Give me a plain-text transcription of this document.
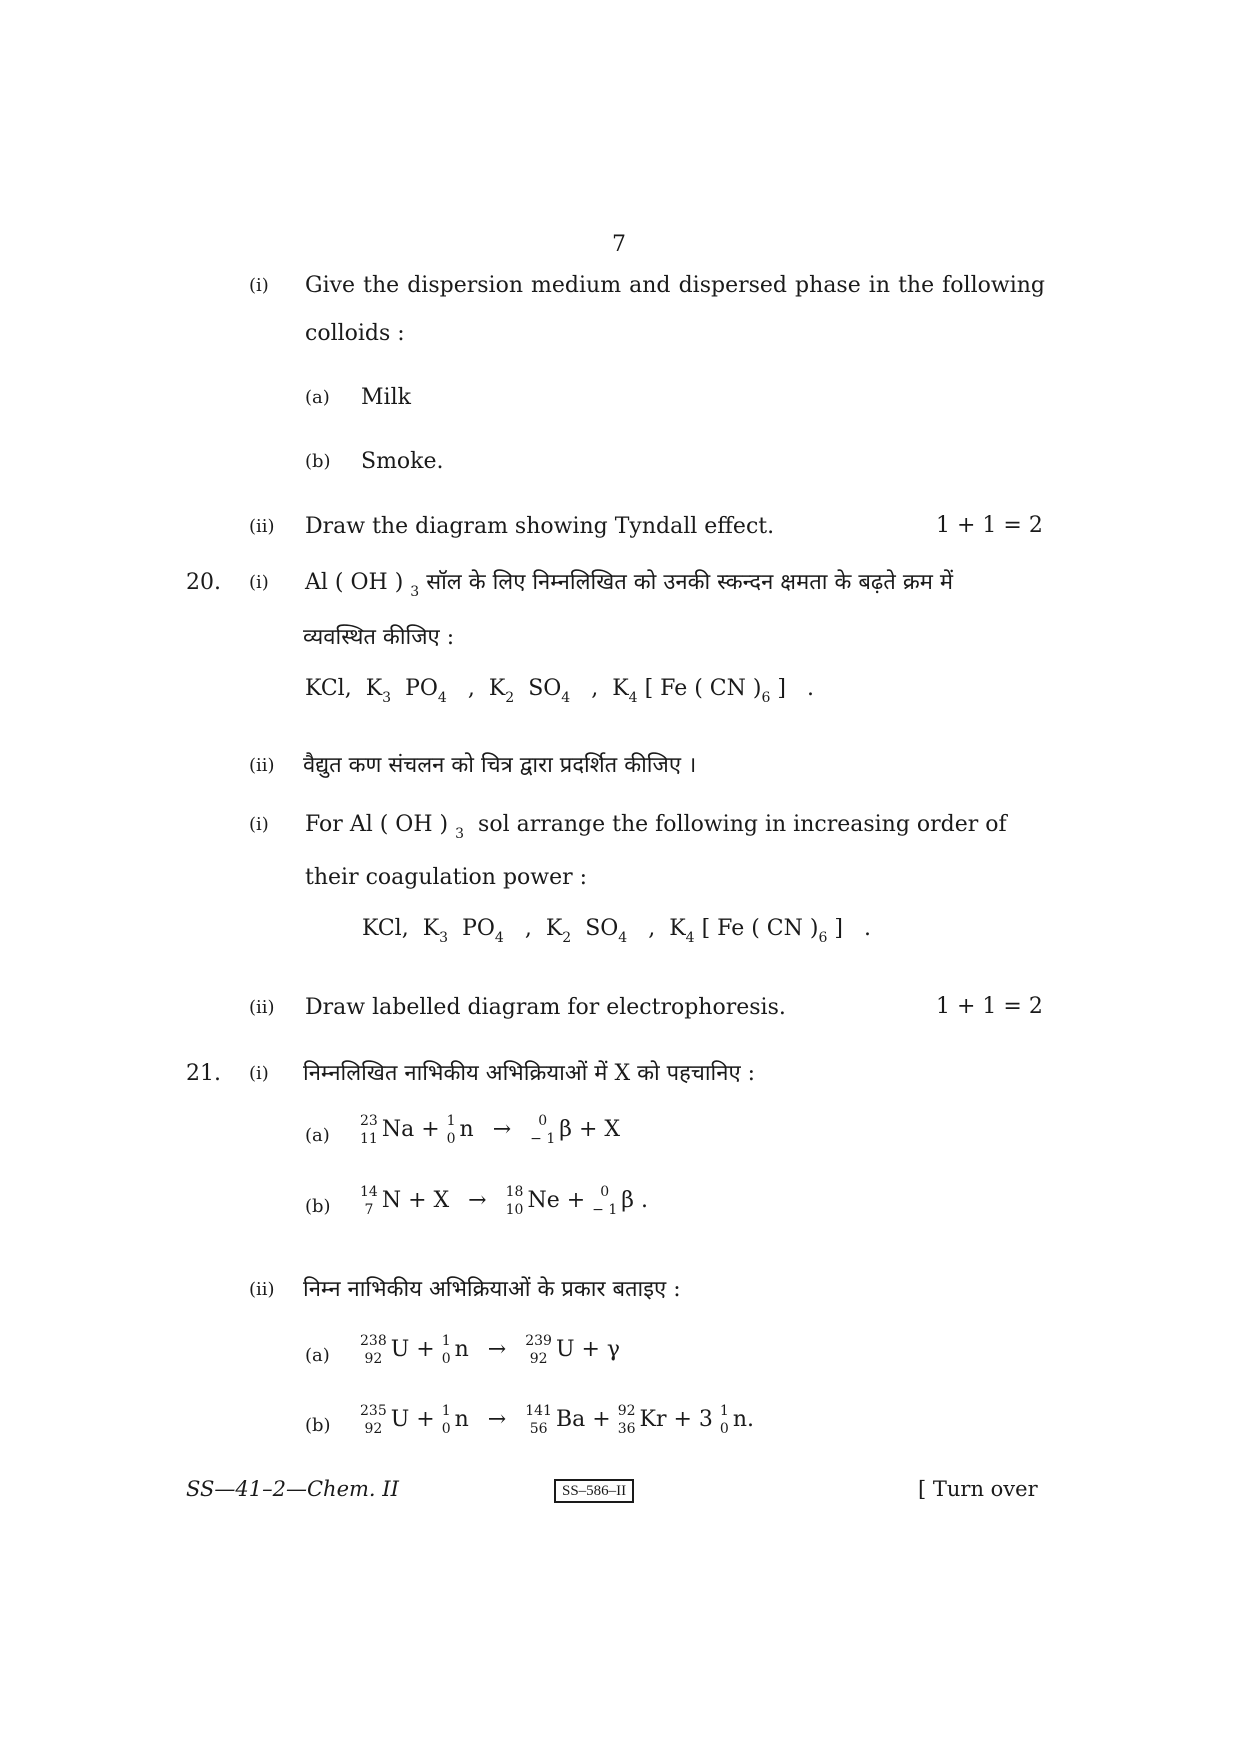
7
(i) Give the dispersion medium and dispersed phase in the following
colloids :
(a) Milk
(b) Smoke.
(ii) Draw the diagram showing Tyndall effect.	1 + 1 = 2
20. (i) Al ( OH ) $_3$ सॉल के लिए निम्नलिखित को उनकी स्कन्दन क्षमता के बढ़ते क्रम में
व्यवस्थित कीजिए :
KCl, $K_3$ $PO_4$ , $K_2$ $SO_4$ , $K_4$ [ Fe ( CN )$_6$ ] .
(ii) वैद्युत कण संचलन को चित्र द्वारा प्रदर्शित कीजिए ।
(i) For Al ( OH ) $_3$ sol arrange the following in increasing order of
their coagulation power :
KCl, $K_3$ $PO_4$ , $K_2$ $SO_4$ , $K_4$ [ Fe ( CN )$_6$ ] .
(ii) Draw labelled diagram for electrophoresis.	1 + 1 = 2
21. (i) निम्नलिखित नाभिकीय अभिक्रियाओं में X को पहचानिए :
(a)
23
11 Na + 1
0 n →	0
− 1 β + X
(b)
14
7 N + X → 18
10 Ne +	0
− 1 β .
(ii) निम्न नाभिकीय अभिक्रियाओं के प्रकार बताइए :
(a)
238
92 U + 1
0 n → 239
92 U + γ
(b)
235
92 U + 1
0 n → 141
56 Ba + 92
36 Kr + 3 1
0 n.
SS—41–2—Chem. II	SS–586–II	[ Turn over
